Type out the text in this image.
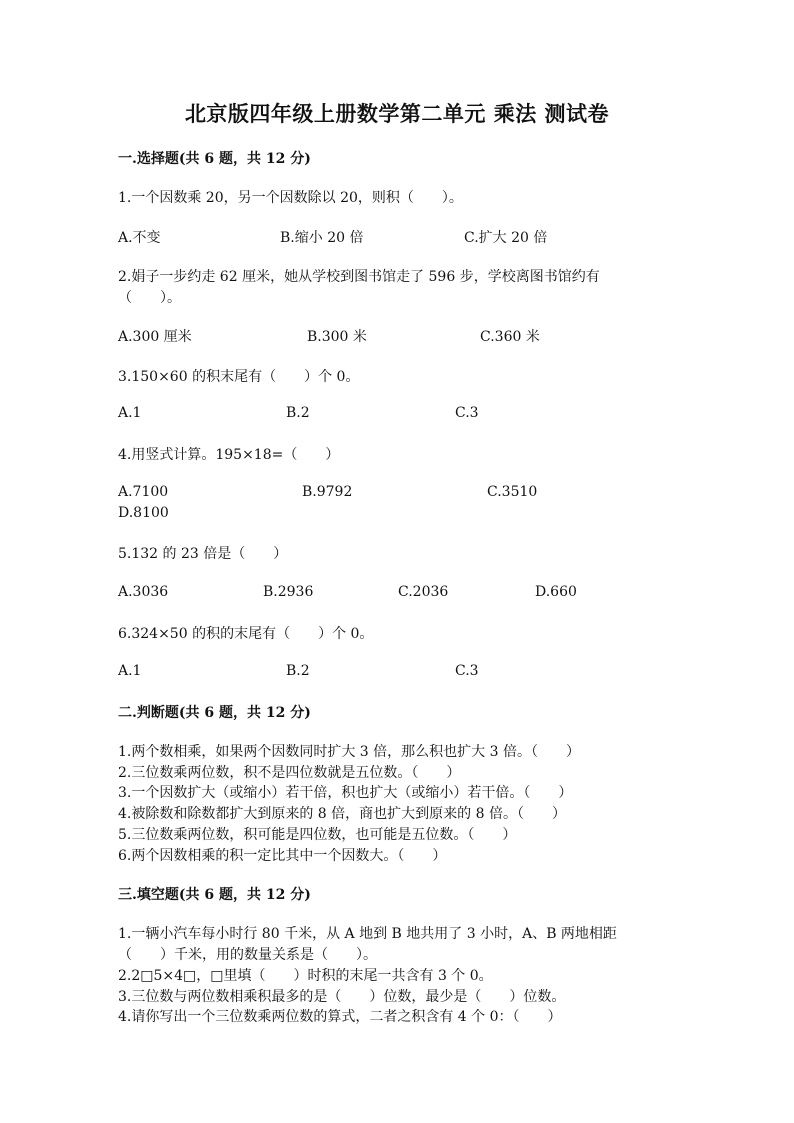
北京版四年级上册数学第二单元 乘法 测试卷
一.选择题(共 6 题，共 12 分)
1.一个因数乘 20，另一个因数除以 20，则积（　　）。
A.不变	B.缩小 20 倍	C.扩大 20 倍
2.娟子一步约走 62 厘米，她从学校到图书馆走了 596 步，学校离图书馆约有
（　　）。
A.300 厘米	B.300 米	C.360 米
3.150×60 的积末尾有（　　）个 0。
A.1	B.2	C.3
4.用竖式计算。195×18=（　　）
A.7100	B.9792	C.3510
D.8100
5.132 的 23 倍是（　　）
A.3036	B.2936	C.2036	D.660
6.324×50 的积的末尾有（　　）个 0。
A.1	B.2	C.3
二.判断题(共 6 题，共 12 分)
1.两个数相乘，如果两个因数同时扩大 3 倍，那么积也扩大 3 倍。（　　）
2.三位数乘两位数，积不是四位数就是五位数。（　　）
3.一个因数扩大（或缩小）若干倍，积也扩大（或缩小）若干倍。（　　）
4.被除数和除数都扩大到原来的 8 倍，商也扩大到原来的 8 倍。（　　）
5.三位数乘两位数，积可能是四位数，也可能是五位数。（　　）
6.两个因数相乘的积一定比其中一个因数大。（　　）
三.填空题(共 6 题，共 12 分)
1.一辆小汽车每小时行 80 千米，从 A 地到 B 地共用了 3 小时，A、B 两地相距
（　　）千米，用的数量关系是（　　）。
2.2□5×4□，□里填（　　）时积的末尾一共含有 3 个 0。
3.三位数与两位数相乘积最多的是（　　）位数，最少是（　　）位数。
4.请你写出一个三位数乘两位数的算式，二者之积含有 4 个 0：（　　）
